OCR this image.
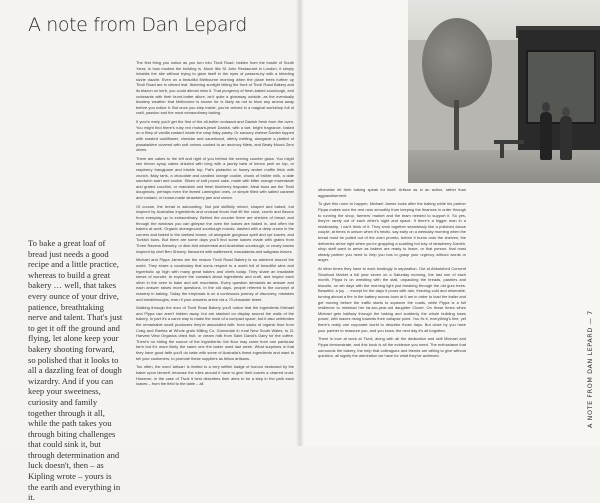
A note from Dan Lepard
To bake a great loaf of bread just needs a good recipe and a little practice, whereas to build a great bakery … well, that takes every ounce of your drive, patience, breathtaking nerve and talent. That's just to get it off the ground and flying, let alone keep your bakery shooting forward, so polished that it looks to all a dazzling feat of dough wizardry. And if you can keep your sweetness, curiosity and family together through it all, while the path takes you through biting challenges that could sink it, but through determination and luck doesn't, then – as Kipling wrote – yours is the earth and everything in it.

The first thing you notice as you turn into Tivoli Road, hidden from the bustle of South Yarra, is how modest the building is. Much like St John Restaurant in London, it simply inhabits the site without trying to glam itself in the eyes of passers-by with a bleeding sizzle dazzle. Even on a beautiful Melbourne morning when the plane trees further up Tivoli Road are in vibrant leaf, flickering sunlight hitting the front of Tivoli Road Bakery and its blazon on kerb, you could almost miss it. That pungency of fresh-baked sourdough, and croissants with their burnt-butter allure, isn't quite a giveaway outside, as the eventually bloatery weather that Melbourne is known for is likely as not to blow any aroma away before you notice it. But once you step inside, you've arrived in a magical workshop full of craft, passion and the most extraordinary baking.

If you're early you'll get the first of the all-butter croissant and Danish fresh from the oven. You might find there's ruby red rhubarb-jewel Danish, with a tart, bright fragrance, baked on a filmy of vanilla custard inside the crisp flaky pastry. Or savoury cheese Danish topped with roasted cauliflower, cheddar and sauerkraut, utterly melting, alongside a plaited of pissaladière covered with soft onions cooked to an anchovy fillets, and Beaty Mount Zero olives.

There are cakes to the left and right of you behind the serving counter glass. You might see lemon syrup cakes drizzled with icing with a jaunty twist of lemon peel on top, or raspberry frangipane and brickle top, Pat's pistachio or honey amber muffin thick with crunch, flaky tarts, a chocolate and candied orange cookie, chunk of brûlée milk, a date sandwich swirl and cookie. Slices of soft pound cake, made with bitter orange marmalade and grated zucchini, or mandarin and fresh blueberry traycake. Meat buns are the Tivoli doughnuts, perhaps even the famed Lamington ones, or simple filled with salted caramel and custard, or house-made strawberry jam and cream.

Of course, the bread is astounding. Not just skillfully mixed, shaped and baked, but inspired by Australian ingredients and unusual flours that lift the crust, crumb and flavour from everyday up to extraordinary. Behind the counter there are shelves of bread, and through the windows you can glimpse the oven the loaves are baked in, and often the bakers at work. Organic stoneground sourdough rounds, dashed with a deep crown in the corners and baked in the darkest brown; oil alongside gorgeous spelt and rye loaves; and Turkish buns. But there are some days you'll find some loaves made with grains from Three Ravens Brewery, or dish-fold wholemeal and Australian sourdough, or crusty loaves inspired by chef Ben Shewry, flavoured with wattleseed, macadamia and saltgrass leaves.

Michael and Pippa James are the reason Tivoli Road Bakery is so admired around the world. They share a vocabulary that sums respect to a world full of beautiful wine and hyperbolic up high with many great bakers and chefs today. They share an insatiable sense of wonder, to explore the constant about ingredients and craft, and inspire each other in the oven to bake and sell mountains. Every question demands an answer and each answer raises more questions. In the old days, people referred to the concept of mastery in baking. Today the emphasis is on a continuous journey of discovery, mistakes and breakthroughs, even if your answers arrive via a 70-character tweet.

Walking through the door of Tivoli Road Bakery you'll notice that the ingredients Michael and Pippa use aren't hidden away, but are stacked on display around the walls of the bakery. In part it's a carve way to make the most of a compact space, but it also celebrates the remarkable small producers they're associated with: from sacks of organic flour from Craig and Ranbia at Whole grain Milling Co, Gunnedah in rural New South Wales, to 2L Harvest View Organics dried fruit, or cream milk from Saint David's Dairy for the coffee. There's no hiding the source of the ingredients: the flour may come from one particular farm but it's more likely the same one the baker used last week. What surprises is that they have good faith you'll do bake with some of Australia's finest ingredients and want to tell your customers, to promote these suppliers as fellow artisans.

Too often, the word 'artisan' is limited to a very selfish badge of honour bestowed by the baker upon himself, because the rules around it have to give their loaves a charred crust. However, in the case of Tivoli it best describes their aims to be a step in the path each loaves – from the field to the table – all

otherwise let their baking speak for itself. Artisan as in an action, rather than aggrandisement.

To give this room to happen, Michael James looks after the baking while his partner Pippa makes sure the rest runs smoothly from keeping the finances in order through to running the shop, farmers' market and the team needed to support it. So yes, they're rarely out of each other's sight and space. If there's a bigger man in a relationship, I can't think of it. They work together seamlessly like a polished dance couple, at times in unison when it's hectic, say early on a weekday morning when the bread must be pulled out of the oven promto, before it burns onto the shelves, the deliveries arrive right when you're grappling a scalding hot tray of strawberry Danish, shop staff want to arrive as bakers are ready to leave, or that person, that most steady partner you need to help you has to grasp your urgency without words or anger.

At other times they have to work trustingly in separation. Out at Abbotsford Convent Slowfood Market a full year seven on a Saturday morning, the last one of each month, Pippa is on wrestling with the stall, unpacking the breads, pastries and biscuits, on set days with the morning light just breaking through the old gum trees. Beautiful, a joy … except for the days it pours with rain, freezing cold and miserable, turning almost a fire in the battery across town at 6 am in order to load the trailer and get moving before the traffic starts to squeeze the roads, while Pippa is a full resilience to mishead her far-too-year-old daughter Clover. On those times when Michael gets halfway through the baking and suddenly the whole building loses power, with loaves rising towards their collapse point. You fix it, everything's fine, yet there's really one corporate world to describe those days. But close by you have your partner to reassure you, and you know, the next day it's all forgotten.

There is love at work at Tivoli, along with all the dedication and skill Michael and Pippa demonstrate, and this book is all the evidence you need. The enthusiasm that surrounds the bakery, the help that colleagues and friends are willing to give without question, all signify the admiration we have for what they've achieved.	A NOTE FROM DAN LEPARD — 7
